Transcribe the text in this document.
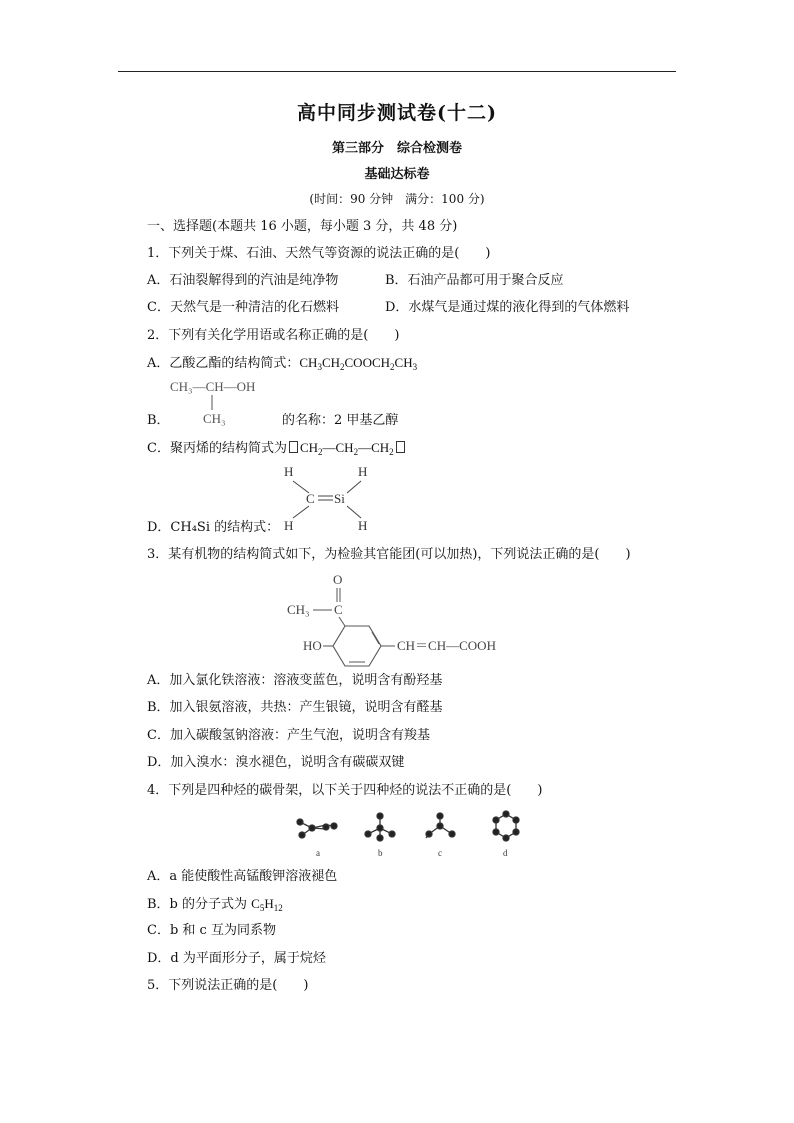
高中同步测试卷(十二)
第三部分　综合检测卷
基础达标卷
(时间：90 分钟　满分：100 分)
一、选择题(本题共 16 小题，每小题 3 分，共 48 分)
1．下列关于煤、石油、天然气等资源的说法正确的是(　　)
A．石油裂解得到的汽油是纯净物	B．石油产品都可用于聚合反应
C．天然气是一种清洁的化石燃料	D．水煤气是通过煤的液化得到的气体燃料
2．下列有关化学用语或名称正确的是(　　)
A．乙酸乙酯的结构简式：$CH_3CH_2COOCH_2CH_3$
CH₃—CH—OH
CH₃
B．	的名称：2 甲基乙醇
C．聚丙烯的结构简式为 $CH_2—CH_2—CH_2$
H	H
C Si
H	H
D．CH₄Si 的结构式：
3．某有机物的结构简式如下，为检验其官能团(可以加热)，下列说法正确的是(　　)
O
CH₃ C
HO	CH＝CH—COOH
A．加入氯化铁溶液：溶液变蓝色，说明含有酚羟基
B．加入银氨溶液，共热：产生银镜，说明含有醛基
C．加入碳酸氢钠溶液：产生气泡，说明含有羧基
D．加入溴水：溴水褪色，说明含有碳碳双键
4．下列是四种烃的碳骨架，以下关于四种烃的说法不正确的是(　　)
a	b	c	d
A．a 能使酸性高锰酸钾溶液褪色
B．b 的分子式为 $C_5H_{12}$
C．b 和 c 互为同系物
D．d 为平面形分子，属于烷烃
5．下列说法正确的是(　　)
